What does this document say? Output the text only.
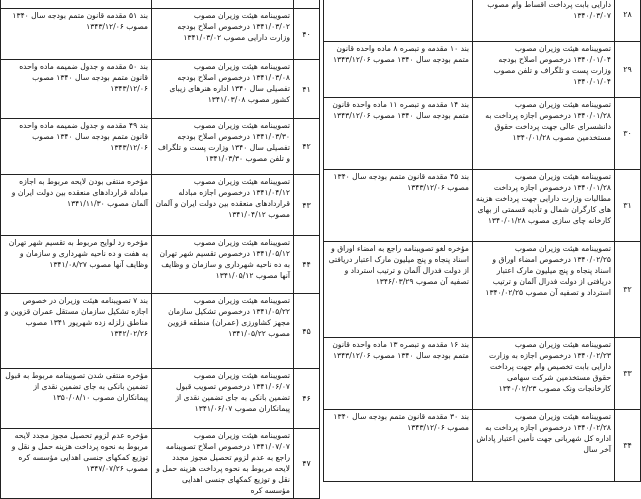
۲۸	دارایی بابت پرداخت اقساط وام مصوب ۱۳۴۰/۰۳/۰۷	
۲۹	تصویبنامه هیئت وزیران مصوب ۱۳۴۰/۰۱/۰۴ درخصوص اصلاح بودجه وزارت پست و تلگراف و تلفن مصوب ۱۳۴۰/۰۱/۰۴	بند ۱۰ مقدمه و تبصره ۸ ماده واحده قانون متمم بودجه سال ۱۳۴۰ مصوب ۱۳۴۳/۱۲/۰۶
۳۰	تصویبنامه هیئت وزیران مصوب ۱۳۴۰/۰۱/۲۸ درخصوص اجازه پرداخت به دانشسرای عالی جهت پرداخت حقوق مستخدمین مصوب ۱۳۴۰/۰۱/۲۸	بند ۱۴ مقدمه و تبصره ۱۱ ماده واحده قانون متمم بودجه سال ۱۳۴۰ مصوب ۱۳۴۳/۱۲/۰۶
۳۱	تصویبنامه هیئت وزیران مصوب ۱۳۴۰/۰۱/۲۸ درخصوص اجازه پرداخت مطالبات وزارت دارایی جهت پرداخت هزینه های کارگران شمال و تأدیه قسمتی از بهای کارخانه چای سازی مصوب ۱۳۴۰/۰۱/۲۸	بند ۴۵ مقدمه قانون متمم بودجه سال ۱۳۴۰ مصوب ۱۳۴۳/۱۲/۰۶
۳۲	تصویبنامه هیئت وزیران مصوب ۱۳۴۰/۰۲/۲۵ درخصوص امضاء اوراق و اسناد پنجاه و پنج میلیون مارک اعتبار دریافتی از دولت فدرال آلمان و ترتیب استرداد و تصفیه آن مصوب ۱۳۴۰/۰۲/۲۵	مؤخره لغو تصویبنامه راجع به امضاء اوراق و اسناد پنجاه و پنج میلیون مارک اعتبار دریافتی از دولت فدرال آلمان و ترتیب استرداد و تصفیه آن مصوب ۱۳۴۶/۰۳/۲۹
۳۳	تصویبنامه هیئت وزیران مصوب ۱۳۴۰/۰۲/۲۳ درخصوص اجازه به وزارت دارایی بابت تخصیص وام جهت پرداخت حقوق مستخدمین شرکت سهامی کارخانجات ونک مصوب ۱۳۴۰/۰۲/۲۳	بند ۱۶ مقدمه و تبصره ۱۳ ماده واحده قانون متمم بودجه سال ۱۳۴۰ مصوب ۱۳۴۳/۱۲/۰۶
۳۴	تصویبنامه هیئت وزیران مصوب ۱۳۴۰/۰۲/۲۸ درخصوص اجازه پرداخت به اداره کل شهربانی جهت تأمین اعتبار پاداش آخر سال	بند ۳۰ مقدمه قانون متمم بودجه سال ۱۳۴۰ مصوب ۱۳۴۳/۱۲/۰۶

۴۰	تصویبنامه هیئت وزیران مصوب ۱۳۴۱/۰۳/۰۲ درخصوص اصلاح بودجه وزارت دارایی مصوب ۱۳۴۱/۰۳/۰۲	بند ۵۱ مقدمه قانون متمم بودجه سال ۱۳۴۰ مصوب ۱۳۴۳/۱۲/۰۶
۴۱	تصویبنامه هیئت وزیران مصوب ۱۳۴۱/۰۳/۰۸ درخصوص اصلاح بودجه تفصیلی سال ۱۳۴۰ اداره هنرهای زیبای کشور مصوب ۱۳۴۱/۰۳/۰۸	بند ۵۰ مقدمه و جدول ضمیمه ماده واحده قانون متمم بودجه سال ۱۳۴۰ مصوب ۱۳۴۳/۱۲/۰۶
۴۲	تصویبنامه هیئت وزیران مصوب ۱۳۴۱/۰۳/۳۰ درخصوص اصلاح بودجه تفصیلی سال ۱۳۴۰ وزارت پست و تلگراف و تلفن مصوب ۱۳۴۱/۰۳/۳۰	بند ۴۹ مقدمه و جدول ضمیمه ماده واحده قانون متمم بودجه سال ۱۳۴۰ مصوب ۱۳۴۳/۱۲/۰۶
۴۳	تصویبنامه هیئت وزیران مصوب ۱۳۴۱/۰۴/۱۲ درخصوص اجازه مبادله قراردادهای منعقده بین دولت ایران و آلمان مصوب ۱۳۴۱/۰۴/۱۲	مؤخره منتفی بودن لایحه مربوط به اجازه مبادله قراردادهای منعقده بین دولت ایران و آلمان مصوب ۱۳۴۱/۱۱/۳۰
۴۴	تصویبنامه هیئت وزیران مصوب ۱۳۴۱/۰۵/۱۲ درخصوص تقسیم شهر تهران به ده ناحیه شهرداری و سازمان و وظایف آنها مصوب ۱۳۴۱/۰۵/۱۲	مؤخره رد لوایح مربوط به تقسیم شهر تهران به هفت و ده ناحیه شهرداری و سازمان و وظایف آنها مصوب ۱۳۴۱/۰۸/۲۷
۴۵	تصویبنامه هیئت وزیران مصوب ۱۳۴۱/۰۵/۲۲ درخصوص تشکیل سازمان مجهز کشاورزی (عمران) منطقه قزوین مصوب ۱۳۴۱/۰۵/۲۲	بند ۷ تصویبنامه هیئت وزیران در خصوص اجازه تشکیل سازمان مستقل عمران قزوین و مناطق زلزله زده شهریور ۱۳۴۱ مصوب ۱۳۴۲/۰۲/۲۶
۴۶	تصویبنامه هیئت وزیران مصوب ۱۳۴۱/۰۶/۰۷ درخصوص تصویب قبول تضمین بانکی به جای تضمین نقدی از پیمانکاران مصوب ۱۳۴۱/۰۶/۰۷	مؤخره منتفی شدن تصویبنامه مربوط به قبول تضمین بانکی به جای تضمین نقدی از پیمانکاران مصوب ۱۳۵۰/۰۸/۱۰
۴۷	تصویبنامه هیئت وزیران مصوب ۱۳۴۱/۰۷/۰۷ درخصوص اصلاح تصویبنامه راجع به عدم لزوم تحصیل مجوز مجدد لایحه مربوط به نحوه پرداخت هزینه حمل و نقل و توزیع کمکهای جنسی اهدایی مؤسسه کره	مؤخره عدم لزوم تحصیل مجوز مجدد لایحه مربوط به نحوه پرداخت هزینه حمل و نقل و توزیع کمکهای جنسی اهدایی مؤسسه کره مصوب ۱۳۴۷/۰۷/۲۶
